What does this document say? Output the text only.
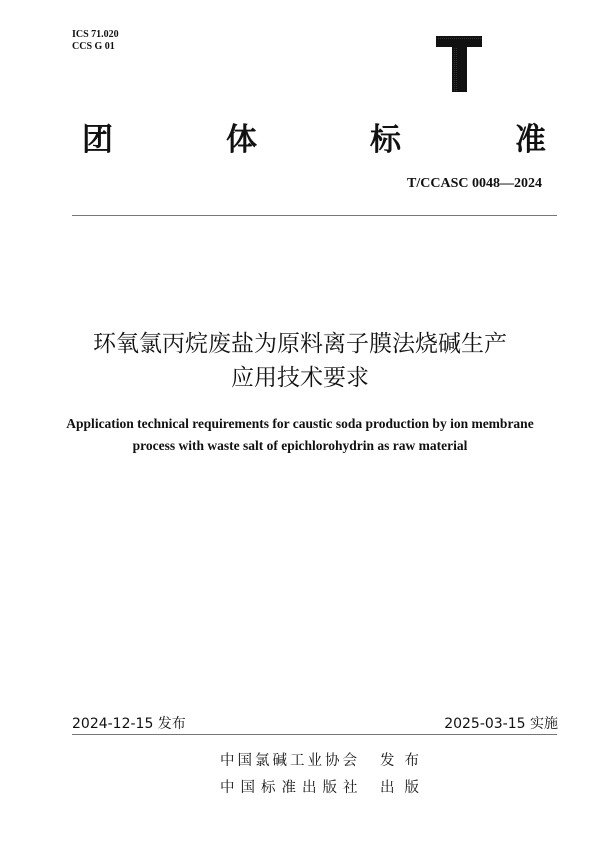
ICS 71.020
CCS G 01
团	体	标	准
T/CCASC 0048—2024
环氧氯丙烷废盐为原料离子膜法烧碱生产
应用技术要求
Application technical requirements for caustic soda production by ion membrane
process with waste salt of epichlorohydrin as raw material
2024-12-15 发布	2025-03-15 实施
中国氯碱工业协会	发布
中国标准出版社	出版
